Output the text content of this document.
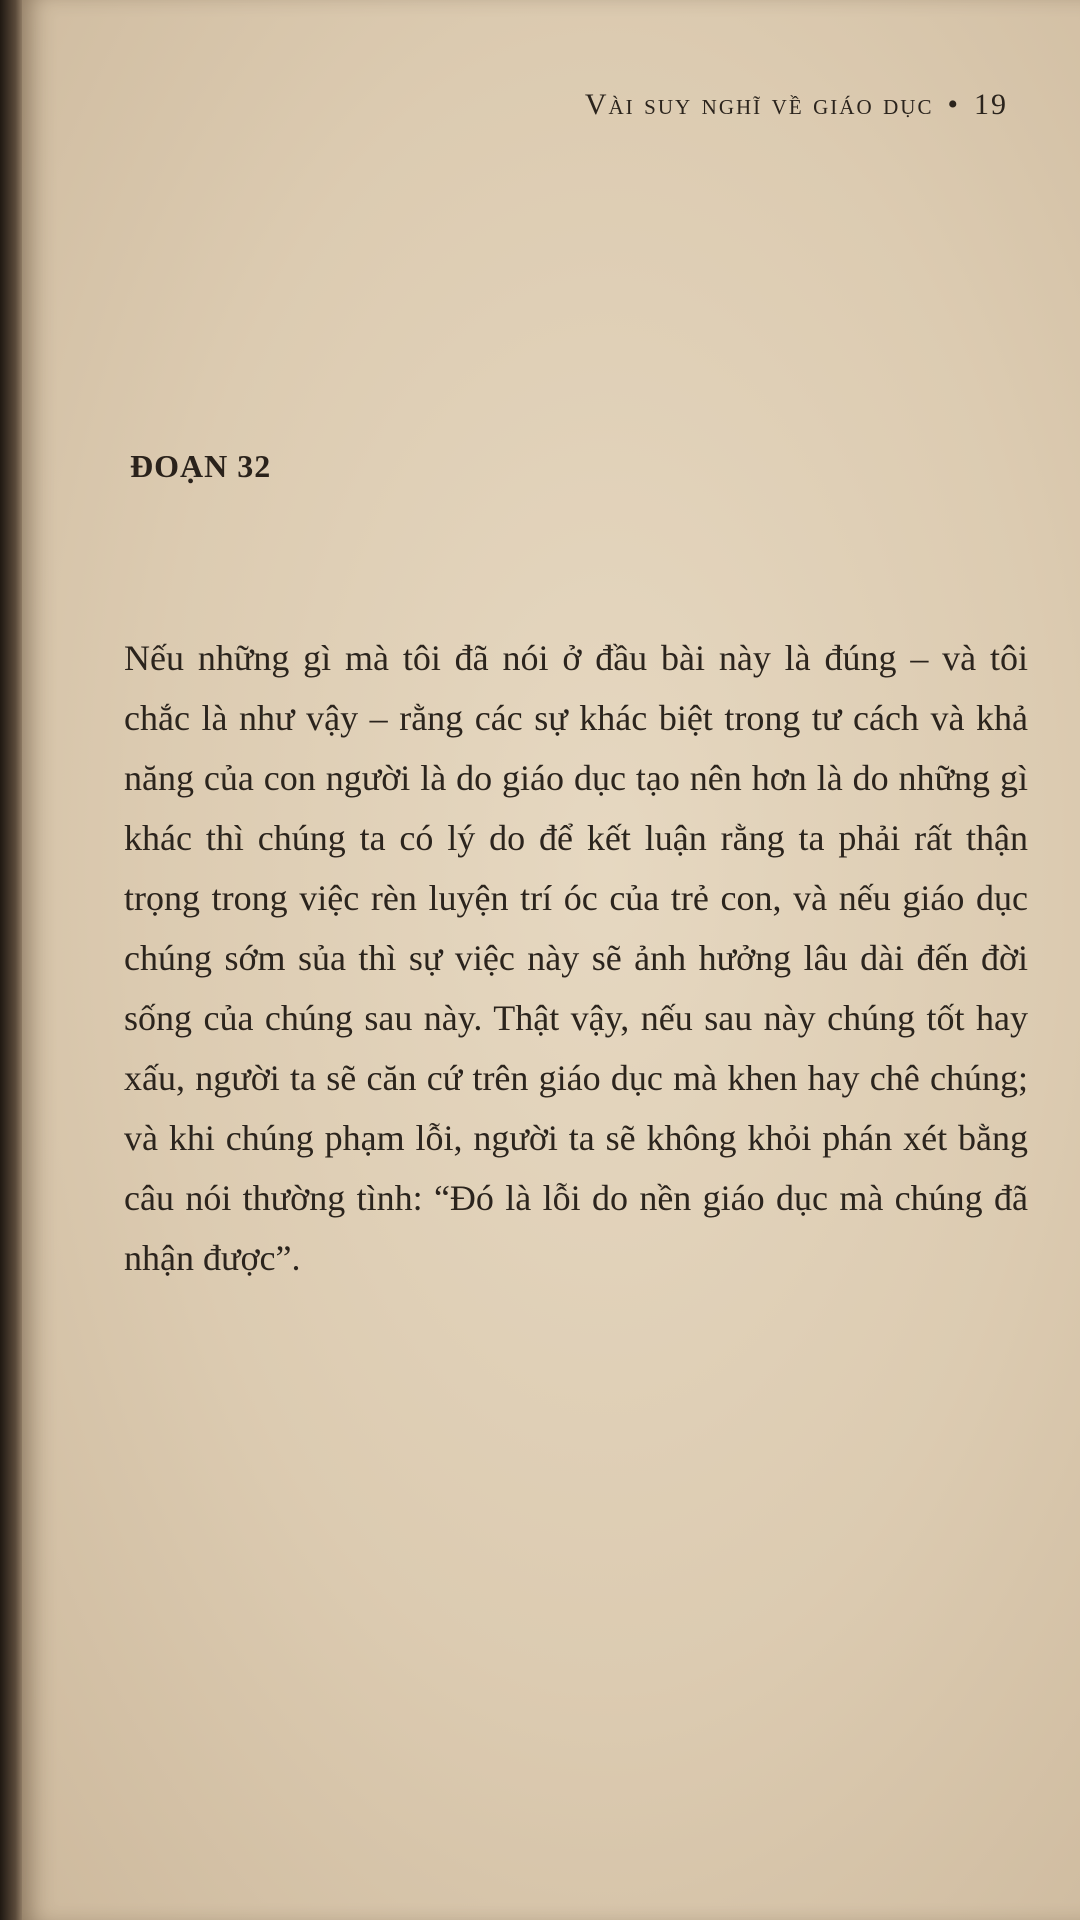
Vài suy nghĩ về giáo dục • 19
ĐOẠN 32

Nếu những gì mà tôi đã nói ở đầu bài này là đúng – và tôi chắc là như vậy – rằng các sự khác biệt trong tư cách và khả năng của con người là do giáo dục tạo nên hơn là do những gì khác thì chúng ta có lý do để kết luận rằng ta phải rất thận trọng trong việc rèn luyện trí óc của trẻ con, và nếu giáo dục chúng sớm sủa thì sự việc này sẽ ảnh hưởng lâu dài đến đời sống của chúng sau này. Thật vậy, nếu sau này chúng tốt hay xấu, người ta sẽ căn cứ trên giáo dục mà khen hay chê chúng; và khi chúng phạm lỗi, người ta sẽ không khỏi phán xét bằng câu nói thường tình: “Đó là lỗi do nền giáo dục mà chúng đã nhận được”.
